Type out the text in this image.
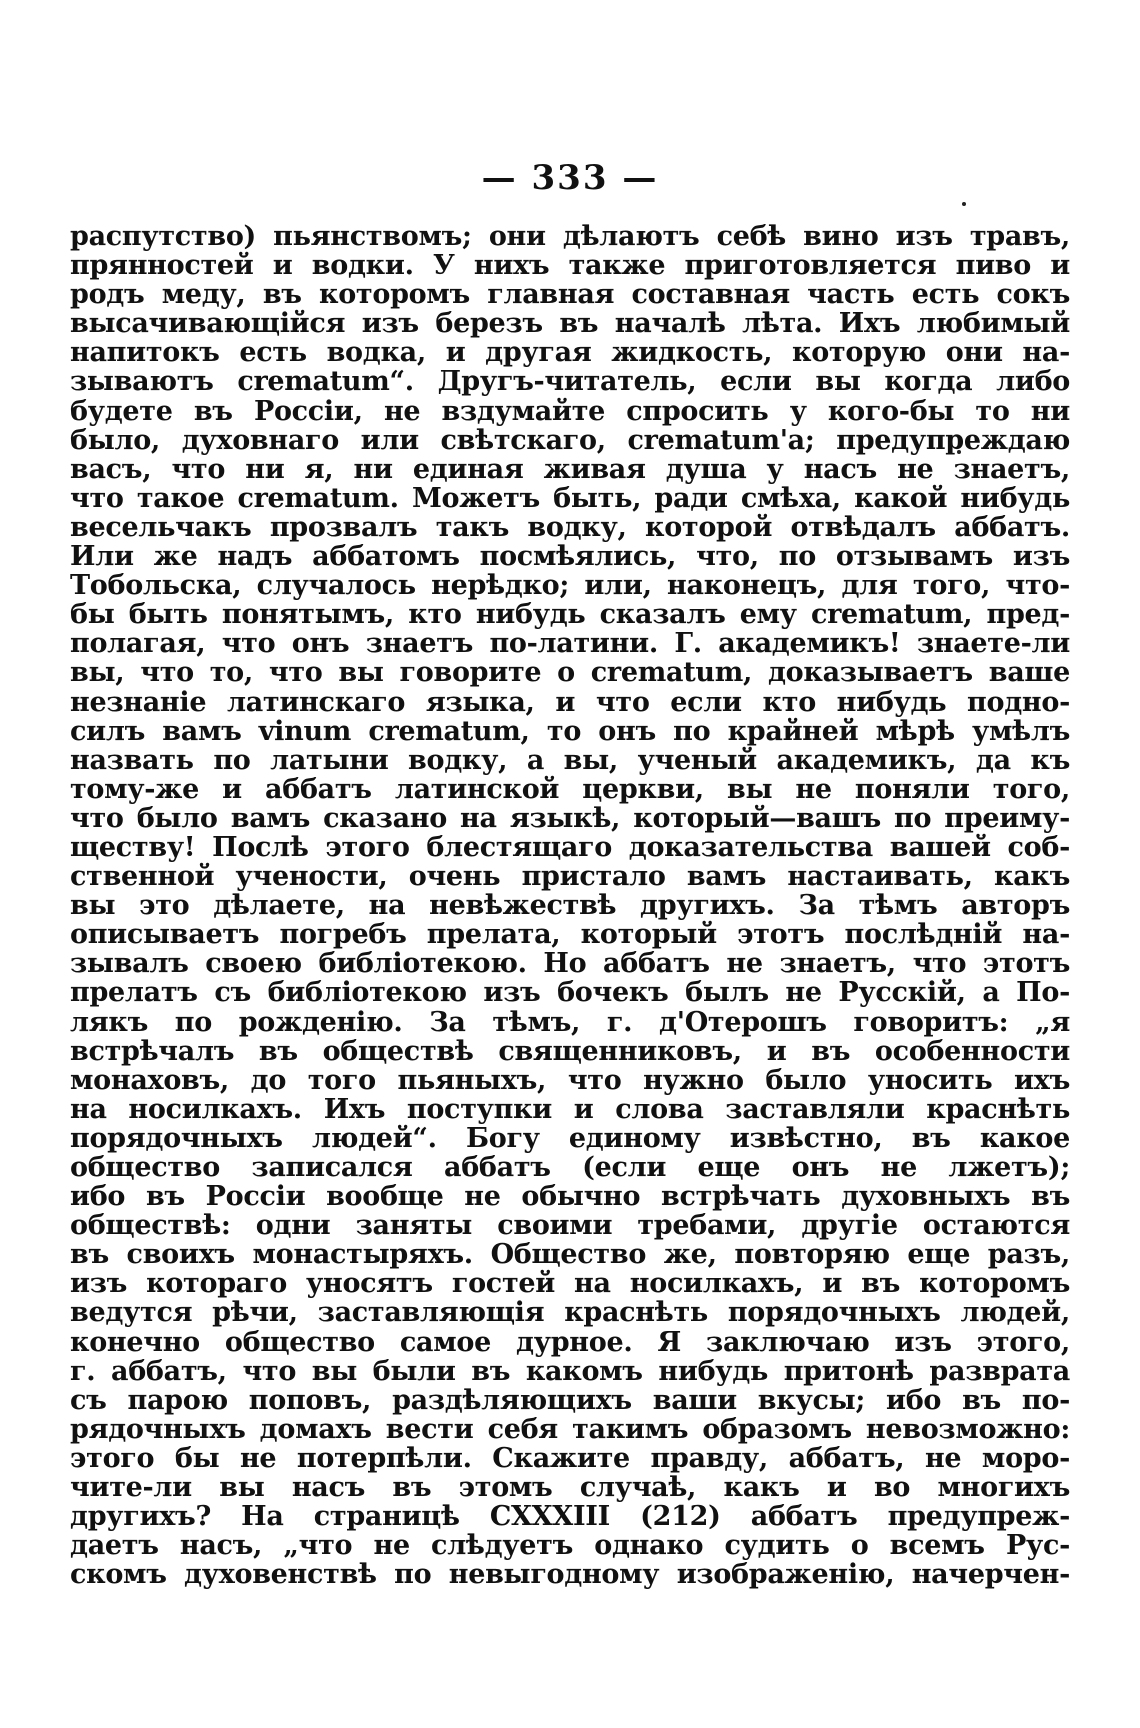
— 333 —
распутство) пьянствомъ; они дѣлаютъ себѣ вино изъ травъ,
прянностей и водки. У нихъ также приготовляется пиво и
родъ меду, въ которомъ главная составная часть есть сокъ
высачивающійся изъ березъ въ началѣ лѣта. Ихъ любимый
напитокъ есть водка, и другая жидкость, которую они на-
зываютъ crematum“. Другъ-читатель, если вы когда либо
будете въ Россіи, не вздумайте спросить у кого-бы то ни
было, духовнаго или свѣтскаго, crematum'а; предупреждаю
васъ, что ни я, ни единая живая душа у насъ не знаетъ,
что такое crematum. Можетъ быть, ради смѣха, какой нибудь
весельчакъ прозвалъ такъ водку, которой отвѣдалъ аббатъ.
Или же надъ аббатомъ посмѣялись, что, по отзывамъ изъ
Тобольска, случалось нерѣдко; или, наконецъ, для того, что-
бы быть понятымъ, кто нибудь сказалъ ему crematum, пред-
полагая, что онъ знаетъ по-латини. Г. академикъ! знаете-ли
вы, что то, что вы говорите о crematum, доказываетъ ваше
незнаніе латинскаго языка, и что если кто нибудь подно-
силъ вамъ vinum crematum, то онъ по крайней мѣрѣ умѣлъ
назвать по латыни водку, а вы, ученый академикъ, да къ
тому-же и аббатъ латинской церкви, вы не поняли того,
что было вамъ сказано на языкѣ, который—вашъ по преиму-
ществу! Послѣ этого блестящаго доказательства вашей соб-
ственной учености, очень пристало вамъ настаивать, какъ
вы это дѣлаете, на невѣжествѣ другихъ. За тѣмъ авторъ
описываетъ погребъ прелата, который этотъ послѣдній на-
зывалъ своею библіотекою. Но аббатъ не знаетъ, что этотъ
прелатъ съ библіотекою изъ бочекъ былъ не Русскій, а По-
лякъ по рожденію. За тѣмъ, г. д'Отерошъ говоритъ: „я
встрѣчалъ въ обществѣ священниковъ, и въ особенности
монаховъ, до того пьяныхъ, что нужно было уносить ихъ
на носилкахъ. Ихъ поступки и слова заставляли краснѣть
порядочныхъ людей“. Богу единому извѣстно, въ какое
общество записался аббатъ (если еще онъ не лжетъ);
ибо въ Россіи вообще не обычно встрѣчать духовныхъ въ
обществѣ: одни заняты своими требами, другіе остаются
въ своихъ монастыряхъ. Общество же, повторяю еще разъ,
изъ котораго уносятъ гостей на носилкахъ, и въ которомъ
ведутся рѣчи, заставляющія краснѣть порядочныхъ людей,
конечно общество самое дурное. Я заключаю изъ этого,
г. аббатъ, что вы были въ какомъ нибудь притонѣ разврата
съ парою поповъ, раздѣляющихъ ваши вкусы; ибо въ по-
рядочныхъ домахъ вести себя такимъ образомъ невозможно:
этого бы не потерпѣли. Скажите правду, аббатъ, не моро-
чите-ли вы насъ въ этомъ случаѣ, какъ и во многихъ
другихъ? На страницѣ CXXXIII (212) аббатъ предупреж-
даетъ насъ, „что не слѣдуетъ однако судить о всемъ Рус-
скомъ духовенствѣ по невыгодному изображенію, начерчен-
